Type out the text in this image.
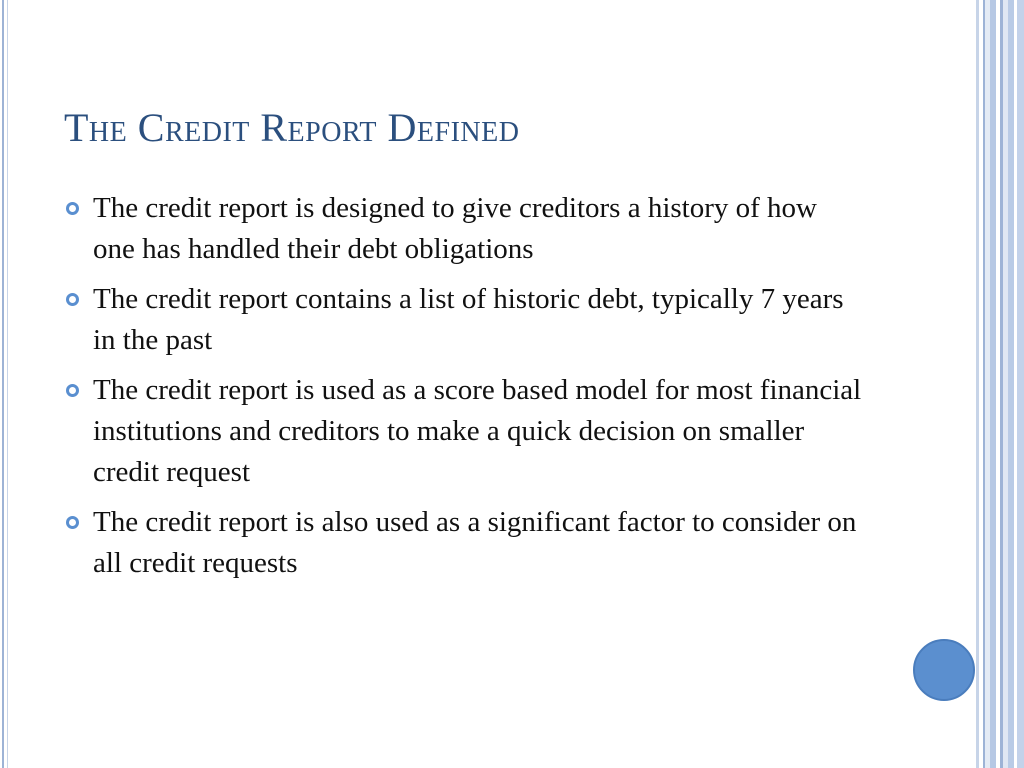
The Credit Report Defined
The credit report is designed to give creditors a history of how one has handled their debt obligations
The credit report contains a list of historic debt, typically 7 years in the past
The credit report is used as a score based model for most financial institutions and creditors to make a quick decision on smaller credit request
The credit report is also used as a significant factor to consider on all credit requests
